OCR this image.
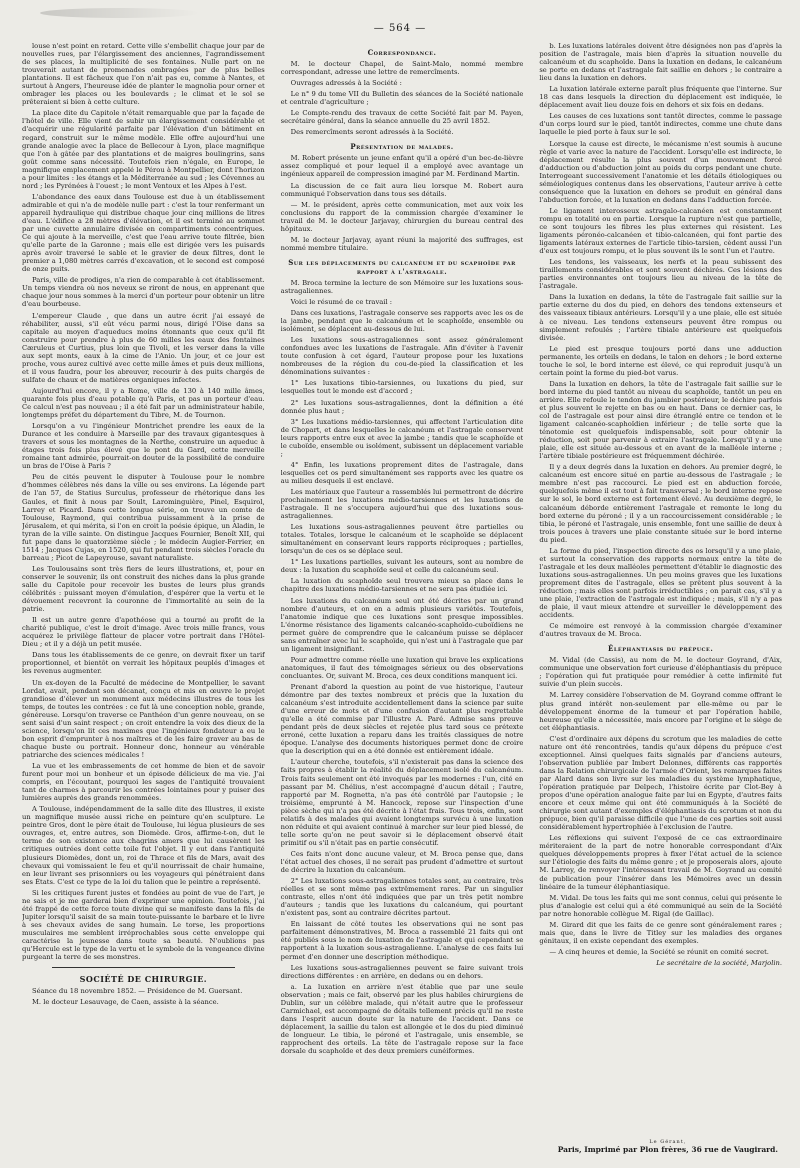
— 564 —

louse n'est point en retard. Cette ville s'embellit chaque jour par de nouvelles rues, par l'élargissement des anciennes, l'agrandissement de ses places, la multiplicité de ses fontaines. Nulle part on ne trouverait autant de promenades ombragées par de plus belles plantations. Il est fâcheux que l'on n'ait pas eu, comme à Nantes, et surtout à Angers, l'heureuse idée de planter le magnolia pour orner et ombrager les places ou les boulevards ; le climat et le sol se prêteraient si bien à cette culture.

La place dite du Capitole n'était remarquable que par la façade de l'hôtel de ville. Elle vient de subir un élargissement considérable et d'acquérir une régularité parfaite par l'élévation d'un bâtiment en regard, construit sur le même modèle. Elle offre aujourd'hui une grande analogie avec la place de Bellecour à Lyon, place magnifique que l'on à gâtée par des plantations et de maigres boulingrins, sans goût comme sans nécessité. Toutefois rien n'égale, en Europe, le magnifique emplacement appelé le Pérou à Montpellier, dont l'horizon a pour limites : les étangs et la Méditerranée au sud ; les Cévennes au nord ; les Pyrénées à l'ouest ; le mont Ventoux et les Alpes à l'est.

L'abondance des eaux dans Toulouse est due à un établissement admirable et qui n'a de modèle nulle part : c'est la tour renfermant un appareil hydraulique qui distribue chaque jour cinq millions de litres d'eau. L'édifice a 28 mètres d'élévation, et il est terminé au sommet par une cuvette annulaire divisée en compartiments concentriques. Ce qui ajoute à la merveille, c'est que l'eau arrive toute filtrée, bien qu'elle parte de la Garonne ; mais elle est dirigée vers les puisards après avoir traversé le sable et le gravier de deux filtres, dont le premier a 1,080 mètres carrés d'excavation, et le second est composé de onze puits.

Paris, ville de prodiges, n'a rien de comparable à cet établissement. Un temps viendra où nos neveux se riront de nous, en apprenant que chaque jour nous sommes à la merci d'un porteur pour obtenir un litre d'eau bourbeuse.

L'empereur Claude , que dans un autre écrit j'ai essayé de réhabiliter, aussi, s'il eût vécu parmi nous, dirigé l'Oise dans sa capitale au moyen d'aqueducs moins étonnants que ceux qu'il fit construire pour prendre à plus de 60 milles les eaux des fontaines Cæruleus et Curtius, plus loin que Tivoli, et les verser dans la ville aux sept monts, eaux à la cime de l'Anio. Un jour, et ce jour est proche, vous aurez cultivé avec cette mille âmes et puis deux millions, et il vous faudra, pour les abreuver, recourir à des puits chargés de sulfate de chaux et de matières organiques infectes.

Aujourd'hui encore, il y a Rome, ville de 130 à 140 mille âmes, quarante fois plus d'eau potable qu'à Paris, et pas un porteur d'eau. Ce calcul n'est pas nouveau ; il a été fait par un administrateur habile, longtemps préfet du département du Tibre, M. de Tournon.

Lorsqu'on a vu l'ingénieur Montrichet prendre les eaux de la Durance et les conduire à Marseille par des travaux gigantesques à travers et sous les montagnes de la Nerthe, construire un aqueduc à étages trois fois plus élevé que le pont du Gard, cette merveille romaine tant admirée, pourrait-on douter de la possibilité de conduire un bras de l'Oise à Paris ?

Peu de cités peuvent le disputer à Toulouse pour le nombre d'hommes célèbres nés dans la ville ou ses environs. La légende part de l'an 57, de Statius Surculus, professeur de rhétorique dans les Gaules, et finit à nous par Soult, Larominguière, Pinel, Esquirol, Larrey et Picard. Dans cette longue série, on trouve un comte de Toulouse, Raymond, qui contribua puissamment à la prise de Jérusalem, et qui mérita, si l'on en croit la poésie épique, un Aladin, le tyran de la ville sainte. On distingue Jacques Fournier, Benoît XII, qui fut pape dans le quatorzième siècle ; le médecin Augier-Ferrier, en 1514 ; Jacques Cujas, en 1520, qui fut pendant trois siècles l'oracle du barreau ; Picot de Lapeyrouse, savant naturaliste.

Les Toulousains sont très fiers de leurs illustrations, et, pour en conserver le souvenir, ils ont construit des niches dans la plus grande salle du Capitole pour recevoir les bustes de leurs plus grands célébrités : puissant moyen d'émulation, d'espérer que la vertu et le dévouement recevront la couronne de l'immortalité au sein de la patrie.

Il est un autre genre d'apothéose qui a tourné au profit de la charité publique, c'est le droit d'image. Avec trois mille francs, vous acquérez le privilège flatteur de placer votre portrait dans l'Hôtel-Dieu ; et il y a déjà un petit musée.

Dans tous les établissements de ce genre, on devrait fixer un tarif proportionnel, et bientôt on verrait les hôpitaux peuplés d'images et les revenus augmenter.

Un ex-doyen de la Faculté de médecine de Montpellier, le savant Lordat, avait, pendant son décanat, conçu et mis en œuvre le projet grandiose d'élever un monument aux médecins illustres de tous les temps, de toutes les contrées : ce fut là une conception noble, grande, généreuse. Lorsqu'on traverse ce Panthéon d'un genre nouveau, on se sent saisi d'un saint respect ; on croit entendre la voix des dieux de la science, lorsqu'on lit ces maximes que l'ingénieux fondateur a eu le bon esprit d'emprunter à nos maîtres et de les faire graver au bas de chaque buste ou portrait. Honneur donc, honneur au vénérable patriarche des sciences médicales !

La vue et les embrassements de cet homme de bien et de savoir furent pour moi un bonheur et un épisode délicieux de ma vie. J'ai compris, en l'écoutant, pourquoi les sages de l'antiquité trouvaient tant de charmes à parcourir les contrées lointaines pour y puiser des lumières auprès des grands renommées.

A Toulouse, indépendamment de la salle dite des Illustres, il existe un magnifique musée aussi riche en peinture qu'en sculpture. Le peintre Gros, dont le père était de Toulouse, lui légua plusieurs de ses ouvrages, et, entre autres, son Diomède. Gros, affirme-t-on, dut le terme de son existence aux chagrins amers que lui causèrent les critiques outrées dont cette toile fut l'objet. Il y eut dans l'antiquité plusieurs Diomèdes, dont un, roi de Thrace et fils de Mars, avait des chevaux qui vomissaient le feu et qu'il nourrissait de chair humaine, en leur livrant ses prisonniers ou les voyageurs qui pénétraient dans ses États. C'est ce type de la loi du talion que le peintre a représenté.

Si les critiques furent justes et fondées au point de vue de l'art, je ne sais et je me garderai bien d'exprimer une opinion. Toutefois, j'ai été frappé de cette force toute divine qui se manifeste dans la fils de Jupiter lorsqu'il saisit de sa main toute-puissante le barbare et le livre à ses chevaux avides de sang humain. Le torse, les proportions musculaires me semblent irréprochables sous cette enveloppe qui caractérise la jeunesse dans toute sa beauté. N'oublions pas qu'Hercule est le type de la vertu et le symbole de la vengeance divine purgeant la terre de ses monstres.

SOCIÉTÉ DE CHIRURGIE.

Séance du 18 novembre 1852. — Présidence de M. Guersant.

M. le docteur Lesauvage, de Caen, assiste à la séance.

Correspondance.

M. le docteur Chapel, de Saint-Malo, nommé membre correspondant, adresse une lettre de remercîments.

Ouvrages adressés à la Société :

Le n° 9 du tome VII du Bulletin des séances de la Société nationale et centrale d'agriculture ;

Le Compte-rendu des travaux de cette Société fait par M. Payen, secrétaire général, dans la séance annuelle du 25 avril 1852.

Des remercîments seront adressés à la Société.

Présentation de malades.

M. Robert présente un jeune enfant qu'il a opéré d'un bec-de-lièvre assez compliqué et pour lequel il a employé avec avantage un ingénieux appareil de compression imaginé par M. Ferdinand Martin.

La discussion de ce fait aura lieu lorsque M. Robert aura communiqué l'observation dans tous ses détails.

— M. le président, après cette communication, met aux voix les conclusions du rapport de la commission chargée d'examiner le travail de M. le docteur Jarjavay, chirurgien du bureau central des hôpitaux.

M. le docteur Jarjavay, ayant réuni la majorité des suffrages, est nommé membre titulaire.

Sur les déplacements du calcanéum et du scaphoïde par rapport à l'astragale.

M. Broca termine la lecture de son Mémoire sur les luxations sous-astragaliennes.

Voici le résumé de ce travail :

Dans ces luxations, l'astragale conserve ses rapports avec les os de la jambe, pendant que le calcanéum et le scaphoïde, ensemble ou isolément, se déplacent au-dessous de lui.

Les luxations sous-astragaliennes sont assez généralement confondues avec les luxations de l'astragale. Afin d'éviter à l'avenir toute confusion à cet égard, l'auteur propose pour les luxations nombreuses de la région du cou-de-pied la classification et les dénominations suivantes :

1° Les luxations tibio-tarsiennes, ou luxations du pied, sur lesquelles tout le monde est d'accord ;

2° Les luxations sous-astragaliennes, dont la définition a été donnée plus haut ;

3° Les luxations médio-tarsiennes, qui affectent l'articulation dite de Chopart, et dans lesquelles le calcanéum et l'astragale conservent leurs rapports entre eux et avec la jambe ; tandis que le scaphoïde et le cuboïde, ensemble ou isolément, subissent un déplacement variable ;

4° Enfin, les luxations proprement dites de l'astragale, dans lesquelles cet os perd simultanément ses rapports avec les quatre os au milieu desquels il est enclavé.

Les matériaux que l'auteur a rassemblés lui permettront de décrire prochainement les luxations médio-tarsiennes et les luxations de l'astragale. Il ne s'occupera aujourd'hui que des luxations sous-astragaliennes.

Les luxations sous-astragaliennes peuvent être partielles ou totales. Totales, lorsque le calcanéum et le scaphoïde se déplacent simultanément en conservant leurs rapports réciproques ; partielles, lorsqu'un de ces os se déplace seul.

1° Les luxations partielles, suivant les auteurs, sont au nombre de deux : la luxation du scaphoïde seul et celle du calcanéum seul.

La luxation du scaphoïde seul trouvera mieux sa place dans le chapitre des luxations médio-tarsiennes et ne sera pas étudiée ici.

Les luxations du calcanéum seul ont été décrites par un grand nombre d'auteurs, et on en a admis plusieurs variétés. Toutefois, l'anatomie indique que ces luxations sont presque impossibles. L'énorme résistance des ligaments calcanéo-scaphoïdo-cuboïdiens ne permet guère de comprendre que le calcanéum puisse se déplacer sans entraîner avec lui le scaphoïde, qui n'est uni à l'astragale que par un ligament insignifiant.

Pour admettre comme réelle une luxation qui brave les explications anatomiques, il faut des témoignages sérieux ou des observations concluantes. Or, suivant M. Broca, ces deux conditions manquent ici.

Prenant d'abord la question au point de vue historique, l'auteur démontre par des textes nombreux et précis que la luxation du calcanéum s'est introduite accidentellement dans la science par suite d'une erreur de mots et d'une confusion d'autant plus regrettable qu'elle a été commise par l'illustre A. Paré. Admise sans preuve pendant près de deux siècles et rejetée plus tard sous ce prétexte erroné, cette luxation a reparu dans les traités classiques de notre époque. L'analyse des documents historiques permet donc de croire que la description qui en a été donnée est entièrement idéale.

L'auteur cherche, toutefois, s'il n'existerait pas dans la science des faits propres à établir la réalité du déplacement isolé du calcanéum. Trois faits seulement ont été invoqués par les modernes : l'un, cité en passant par M. Chélius, n'est accompagné d'aucun détail ; l'autre, rapporté par M. Rognetta, n'a pas été contrôlé par l'autopsie ; le troisième, emprunté à M. Hancock, repose sur l'inspection d'une pièce sèche qui n'a pas été décrite à l'état frais. Tous trois, enfin, sont relatifs à des malades qui avaient longtemps survécu à une luxation non réduite et qui avaient continué à marcher sur leur pied blessé, de telle sorte qu'on ne peut savoir si le déplacement observé était primitif ou s'il n'était pas en partie consécutif.

Ces faits n'ont donc aucune valeur, et M. Broca pense que, dans l'état actuel des choses, il ne serait pas prudent d'admettre et surtout de décrire la luxation du calcanéum.

2° Les luxations sous-astragaliennes totales sont, au contraire, très réelles et se sont même pas extrêmement rares. Par un singulier contraste, elles n'ont été indiquées que par un très petit nombre d'auteurs ; tandis que les luxations du calcanéum, qui pourtant n'existent pas, sont au contraire décrites partout.

En laissant de côté toutes les observations qui ne sont pas parfaitement démonstratives, M. Broca a rassemblé 21 faits qui ont été publiés sous le nom de luxation de l'astragale et qui cependant se rapportent à la luxation sous-astragalienne. L'analyse de ces faits lui permet d'en donner une description méthodique.

Les luxations sous-astragaliennes peuvent se faire suivant trois directions différentes : en arrière, en dedans ou en dehors.

a. La luxation en arrière n'est établie que par une seule observation ; mais ce fait, observé par les plus habiles chirurgiens de Dublin, sur un célèbre malade, qui n'était autre que le professeur Carmichael, est accompagné de détails tellement précis qu'il ne reste dans l'esprit aucun doute sur la nature de l'accident. Dans ce déplacement, la saillie du talon est allongée et le dos du pied diminué de longueur. Le tibia, le péroné et l'astragale, unis ensemble, se rapprochent des orteils. La tête de l'astragale repose sur la face dorsale du scaphoïde et des deux premiers cunéiformes.

b. Les luxations latérales doivent être désignées non pas d'après la position de l'astragale, mais bien d'après la situation nouvelle du calcanéum et du scaphoïde. Dans la luxation en dedans, le calcanéum se porte en dedans et l'astragale fait saillie en dehors ; le contraire a lieu dans la luxation en dehors.

La luxation latérale externe paraît plus fréquente que l'interne. Sur 18 cas dans lesquels la direction du déplacement est indiquée, le déplacement avait lieu douze fois en dehors et six fois en dedans.

Les causes de ces luxations sont tantôt directes, comme le passage d'un corps lourd sur le pied, tantôt indirectes, comme une chute dans laquelle le pied porte à faux sur le sol.

Lorsque la cause est directe, le mécanisme n'est soumis à aucune règle et varie avec la nature de l'accident. Lorsqu'elle est indirecte, le déplacement résulte la plus souvent d'un mouvement forcé d'adduction ou d'abduction joint au poids du corps pendant une chute. Interrogeant successivement l'anatomie et les détails étiologiques ou séméiologiques contenus dans les observations, l'auteur arrive à cette conséquence que la luxation en dehors se produit en général dans l'abduction forcée, et la luxation en dedans dans l'adduction forcée.

Le ligament interosseux astragalo-calcanéen est constamment rompu en totalité ou en partie. Lorsque la rupture n'est que partielle, ce sont toujours les fibres les plus externes qui résistent. Les ligaments péronéo-calcanéen et tibio-calcanéen, qui font partie des ligaments latéraux externes de l'article tibio-tarsien, cèdent aussi l'un d'eux est toujours rompu, et le plus souvent ils le sont l'un et l'autre.

Les tendons, les vaisseaux, les nerfs et la peau subissent des tiraillements considérables et sont souvent déchirés. Ces lésions des parties environnantes ont toujours lieu au niveau de la tête de l'astragale.

Dans la luxation en dedans, la tête de l'astragale fait saillie sur la partie externe du dos du pied, en dehors des tendons extenseurs et des vaisseaux tibiaux antérieurs. Lorsqu'il y a une plaie, elle est située à ce niveau. Les tendons extenseurs peuvent être rompus ou simplement refoulés ; l'artère tibiale antérieure est quelquefois divisée.

Le pied est presque toujours porté dans une adduction permanente, les orteils en dedans, le talon en dehors ; le bord externe touche le sol, le bord interne est élevé, ce qui reproduit jusqu'à un certain point la forme du pied-bot varus.

Dans la luxation en dehors, la tête de l'astragale fait saillie sur le bord interne du pied tantôt au niveau du scaphoïde, tantôt un peu en arrière. Elle refoule le tendon du jambier postérieur, le déchire parfois et plus souvent le rejette en bas ou en haut. Dans ce dernier cas, le col de l'astragale est pour ainsi dire étranglé entre ce tendon et le ligament calcanéo-scaphoïdien inférieur ; de telle sorte que la ténotomie est quelquefois indispensable, soit pour obtenir la réduction, soit pour parvenir à extraire l'astragale. Lorsqu'il y a une plaie, elle est située au-dessous et en avant de la malléole interne ; l'artère tibiale postérieure est fréquemment déchirée.

Il y a deux degrés dans la luxation en dehors. Au premier degré, le calcanéum est encore situé en partie au-dessous de l'astragale ; le membre n'est pas raccourci. Le pied est en abduction forcée, quelquefois même il est tout à fait transversal ; le bord interne repose sur le sol, le bord externe est fortement élevé. Au deuxième degré, le calcanéum déborde entièrement l'astragale et remonte le long du bord externe du péroné ; il y a un raccourcissement considérable ; le tibia, le péroné et l'astragale, unis ensemble, font une saillie de deux à trois pouces à travers une plaie constante située sur le bord interne du pied.

La forme du pied, l'inspection directe des os lorsqu'il y a une plaie, et surtout la conservation des rapports normaux entre la tête de l'astragale et les deux malléoles permettent d'établir le diagnostic des luxations sous-astragaliennes. Un peu moins graves que les luxations proprement dites de l'astragale, elles se prêtent plus souvent à la réduction ; mais elles sont parfois irréductibles ; on parait cas, s'il y a une plaie, l'extraction de l'astragale est indiquée ; mais, s'il n'y a pas de plaie, il vaut mieux attendre et surveiller le développement des accidents.

Ce mémoire est renvoyé à la commission chargée d'examiner d'autres travaux de M. Broca.

Éléphantiasis du prépuce.

M. Vidal (de Cassis), au nom de M. le docteur Goyrand, d'Aix, communique une observation fort curieuse d'éléphantiasis du prépuce ; l'opération qui fut pratiquée pour remédier à cette infirmité fut suivie d'un plein succès.

M. Larrey considère l'observation de M. Goyrand comme offrant le plus grand intérêt non-seulement par elle-même ou par le développement énorme de la tumeur et par l'opération habile, heureuse qu'elle a nécessitée, mais encore par l'origine et le siège de cet éléphantiasis.

C'est d'ordinaire aux dépens du scrotum que les maladies de cette nature ont été rencontrées, tandis qu'aux dépens du prépuce c'est exceptionnel. Ainsi quelques faits signalés par d'anciens auteurs, l'observation publiée par Imbert Delonnes, différents cas rapportés dans la Relation chirurgicale de l'armée d'Orient, les remarques faites par Alard dans son livre sur les maladies du système lymphatique, l'opération pratiquée par Delpech, l'histoire écrite par Clot-Bey à propos d'une opération analogue faite par lui en Égypte, d'autres faits encore et ceux même qui ont été communiqués à la Société de chirurgie sont autant d'exemples d'éléphantiasis du scrotum et non du prépuce, bien qu'il paraisse difficile que l'une de ces parties soit aussi considérablement hypertrophiée à l'exclusion de l'autre.

Les réflexions qui suivent l'exposé de ce cas extraordinaire mériteraient de la part de notre honorable correspondant d'Aix quelques développements propres à fixer l'état actuel de la science sur l'étiologie des faits du même genre ; et je proposerais alors, ajoute M. Larrey, de renvoyer l'intéressant travail de M. Goyrand au comité de publication pour l'insérer dans les Mémoires avec un dessin linéaire de la tumeur éléphantiasique.

M. Vidal. De tous les faits qui me sont connus, celui qui présente le plus d'analogie est celui qui a été communiqué au sein de la Société par notre honorable collègue M. Rigal (de Gaillac).

M. Girard dit que les faits de ce genre sont généralement rares ; mais que, dans le livre de Titley sur les maladies des organes génitaux, il en existe cependant des exemples.

— A cinq heures et demie, la Société se réunit en comité secret.

Le secrétaire de la société, Marjolin.
Le Gérant,
Paris, Imprimé par Plon frères, 36 rue de Vaugirard.
